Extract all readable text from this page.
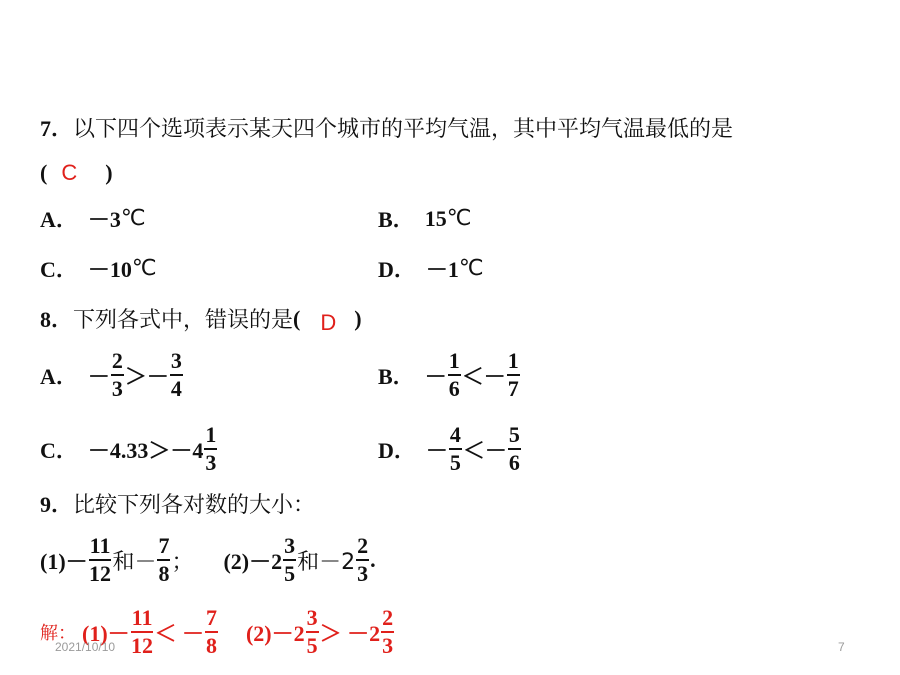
7． 以下四个选项表示某天四个城市的平均气温，其中平均气温最低的是
( C )
A． －3 ℃	B． 15 ℃
C． －10 ℃	D． －1 ℃
8． 下列各式中，错误的是 ( D )
A． － $\frac{2}{3} >- \frac{3}{4}$	B． － $\frac{1}{6} <- \frac{1}{7}$
C． $-4.33>-4 \frac{1}{3}$	D． － $\frac{4}{5} <- \frac{5}{6}$
9． 比较下列各对数的大小：
$(1)- \frac{11}{12}$ 和－ $\frac{7}{8}$ ； $(2)-2 \frac{3}{5}$ 和$-2 \frac{2}{3}$ .
解： $(1)- \frac{11}{12}$ ＜ － $\frac{7}{8} (2)-2 \frac{3}{5} > -2 \frac{2}{3}$
2021/10/10	7
